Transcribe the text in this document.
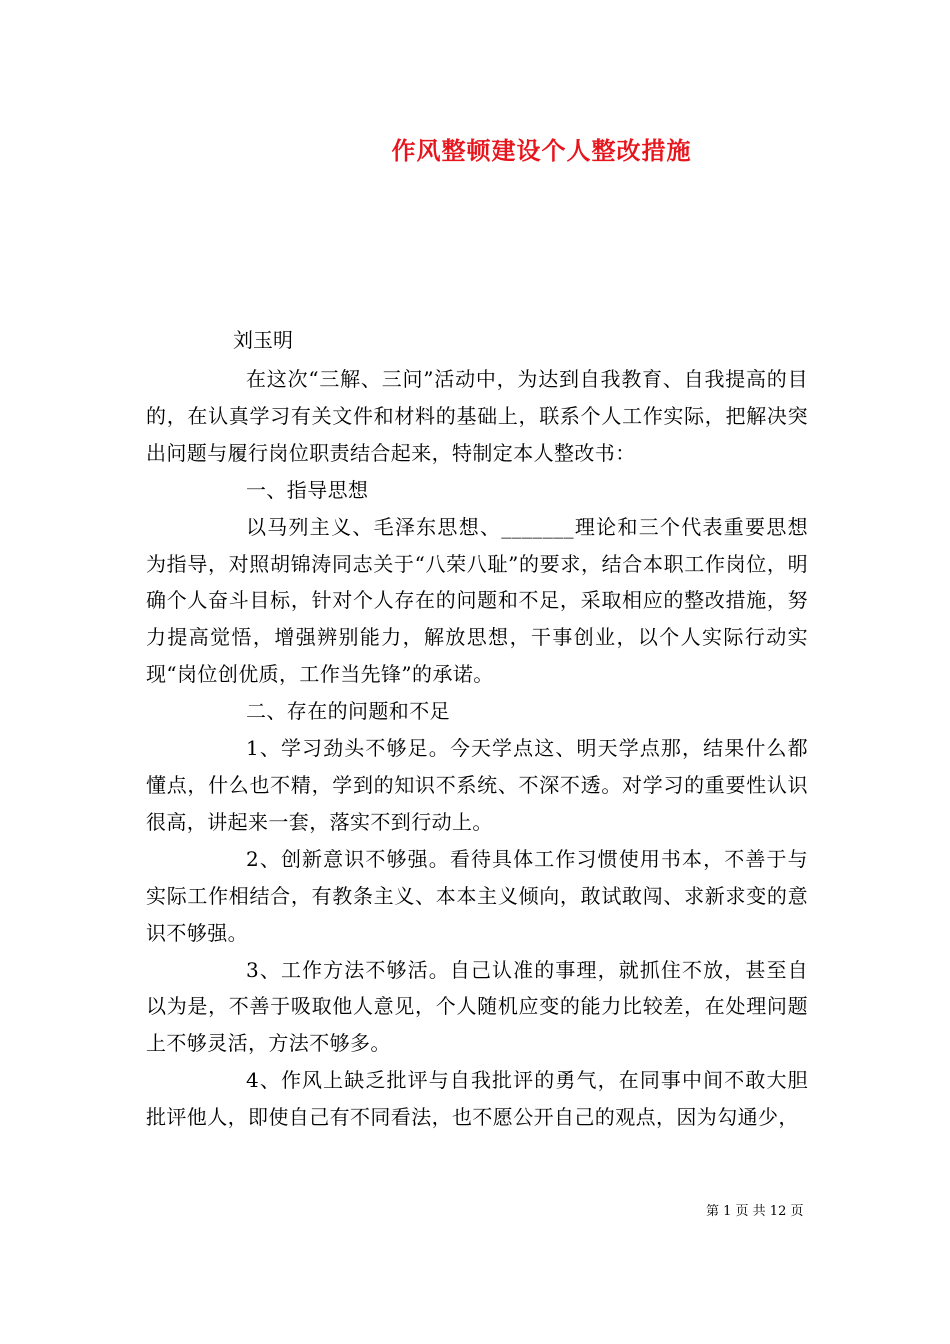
作风整顿建设个人整改措施
刘玉明

在这次“三解、三问”活动中，为达到自我教育、自我提高的目的，在认真学习有关文件和材料的基础上，联系个人工作实际，把解决突出问题与履行岗位职责结合起来，特制定本人整改书：

一、指导思想

以马列主义、毛泽东思想、_______理论和三个代表重要思想为指导，对照胡锦涛同志关于“八荣八耻”的要求，结合本职工作岗位，明确个人奋斗目标，针对个人存在的问题和不足，采取相应的整改措施，努力提高觉悟，增强辨别能力，解放思想，干事创业，以个人实际行动实现“岗位创优质，工作当先锋”的承诺。

二、存在的问题和不足

1、学习劲头不够足。今天学点这、明天学点那，结果什么都懂点，什么也不精，学到的知识不系统、不深不透。对学习的重要性认识很高，讲起来一套，落实不到行动上。

2、创新意识不够强。看待具体工作习惯使用书本，不善于与实际工作相结合，有教条主义、本本主义倾向，敢试敢闯、求新求变的意识不够强。

3、工作方法不够活。自己认准的事理，就抓住不放，甚至自以为是，不善于吸取他人意见，个人随机应变的能力比较差，在处理问题上不够灵活，方法不够多。

4、作风上缺乏批评与自我批评的勇气，在同事中间不敢大胆批评他人，即使自己有不同看法，也不愿公开自己的观点，因为勾通少，

第 1 页 共 12 页
